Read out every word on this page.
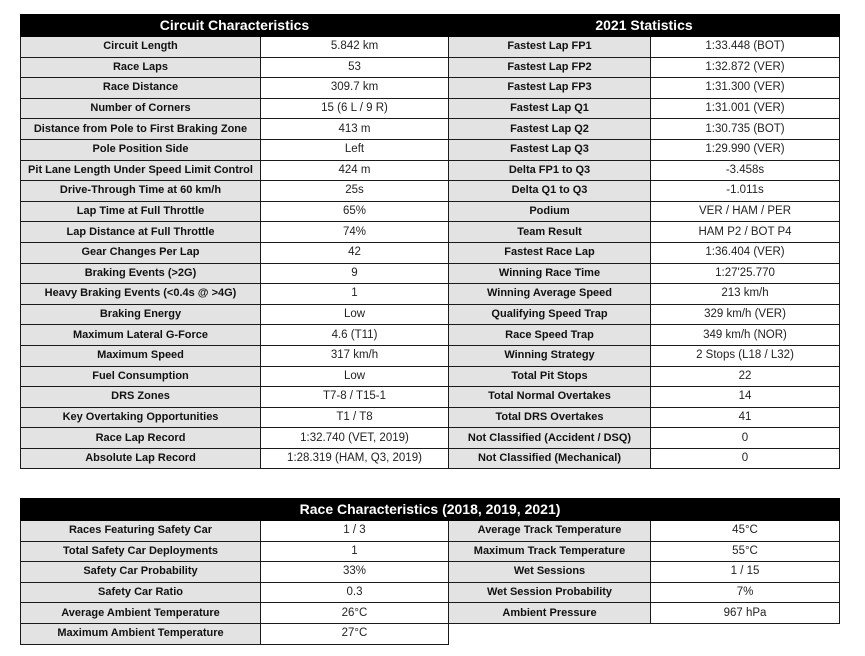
Circuit Characteristics		2021 Statistics	
Circuit Length	5.842 km	Fastest Lap FP1	1:33.448 (BOT)
Race Laps	53	Fastest Lap FP2	1:32.872 (VER)
Race Distance	309.7 km	Fastest Lap FP3	1:31.300 (VER)
Number of Corners	15 (6 L / 9 R)	Fastest Lap Q1	1:31.001 (VER)
Distance from Pole to First Braking Zone	413 m	Fastest Lap Q2	1:30.735 (BOT)
Pole Position Side	Left	Fastest Lap Q3	1:29.990 (VER)
Pit Lane Length Under Speed Limit Control	424 m	Delta FP1 to Q3	-3.458s
Drive-Through Time at 60 km/h	25s	Delta Q1 to Q3	-1.011s
Lap Time at Full Throttle	65%	Podium	VER / HAM / PER
Lap Distance at Full Throttle	74%	Team Result	HAM P2 / BOT P4
Gear Changes Per Lap	42	Fastest Race Lap	1:36.404 (VER)
Braking Events (>2G)	9	Winning Race Time	1:27'25.770
Heavy Braking Events (<0.4s @ >4G)	1	Winning Average Speed	213 km/h
Braking Energy	Low	Qualifying Speed Trap	329 km/h (VER)
Maximum Lateral G-Force	4.6 (T11)	Race Speed Trap	349 km/h (NOR)
Maximum Speed	317 km/h	Winning Strategy	2 Stops (L18 / L32)
Fuel Consumption	Low	Total Pit Stops	22
DRS Zones	T7-8 / T15-1	Total Normal Overtakes	14
Key Overtaking Opportunities	T1 / T8	Total DRS Overtakes	41
Race Lap Record	1:32.740 (VET, 2019)	Not Classified (Accident / DSQ)	0
Absolute Lap Record	1:28.319 (HAM, Q3, 2019)	Not Classified (Mechanical)	0
Race Characteristics (2018, 2019, 2021)			
Races Featuring Safety Car	1 / 3	Average Track Temperature	45°C
Total Safety Car Deployments	1	Maximum Track Temperature	55°C
Safety Car Probability	33%	Wet Sessions	1 / 15
Safety Car Ratio	0.3	Wet Session Probability	7%
Average Ambient Temperature	26°C	Ambient Pressure	967 hPa
Maximum Ambient Temperature	27°C		
